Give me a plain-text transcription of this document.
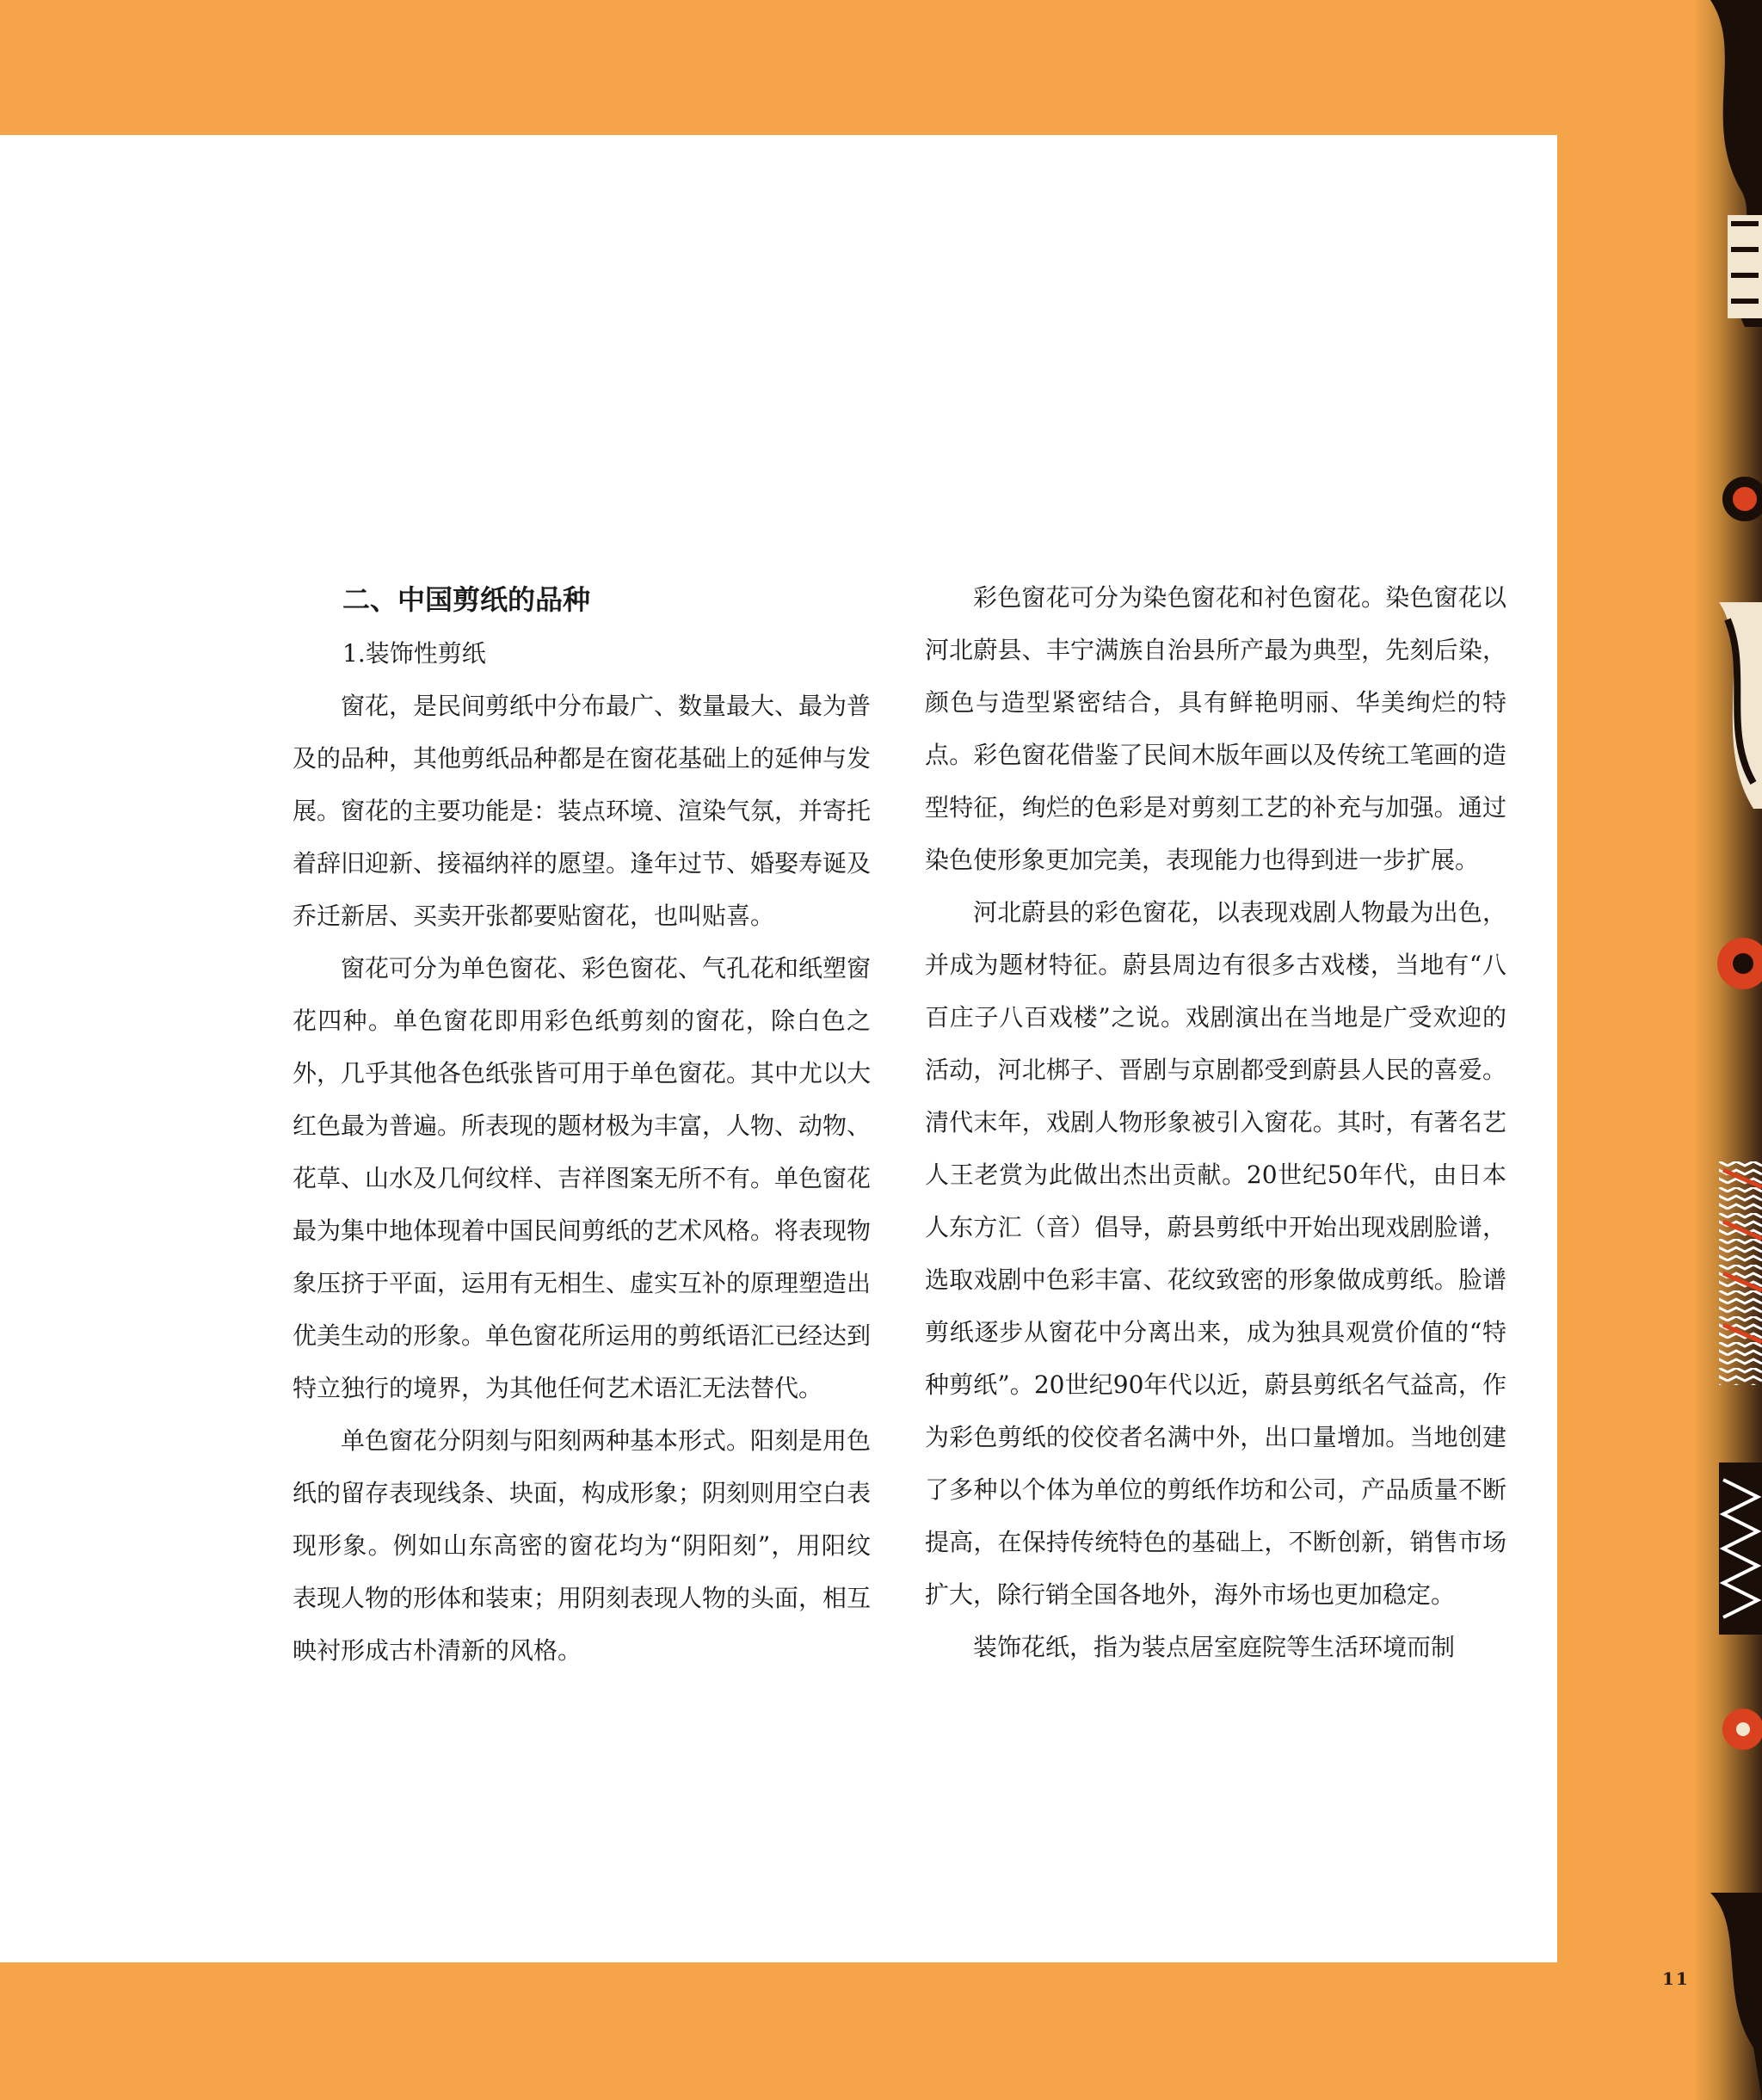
二、中国剪纸的品种
1.装饰性剪纸

窗花，是民间剪纸中分布最广、数量最大、最为普及的品种，其他剪纸品种都是在窗花基础上的延伸与发展。窗花的主要功能是：装点环境、渲染气氛，并寄托着辞旧迎新、接福纳祥的愿望。逢年过节、婚娶寿诞及乔迁新居、买卖开张都要贴窗花，也叫贴喜。

窗花可分为单色窗花、彩色窗花、气孔花和纸塑窗花四种。单色窗花即用彩色纸剪刻的窗花，除白色之外，几乎其他各色纸张皆可用于单色窗花。其中尤以大红色最为普遍。所表现的题材极为丰富，人物、动物、花草、山水及几何纹样、吉祥图案无所不有。单色窗花最为集中地体现着中国民间剪纸的艺术风格。将表现物象压挤于平面，运用有无相生、虚实互补的原理塑造出优美生动的形象。单色窗花所运用的剪纸语汇已经达到特立独行的境界，为其他任何艺术语汇无法替代。

单色窗花分阴刻与阳刻两种基本形式。阳刻是用色纸的留存表现线条、块面，构成形象；阴刻则用空白表现形象。例如山东高密的窗花均为“阴阳刻”，用阳纹表现人物的形体和装束；用阴刻表现人物的头面，相互映衬形成古朴清新的风格。

彩色窗花可分为染色窗花和衬色窗花。染色窗花以河北蔚县、丰宁满族自治县所产最为典型，先刻后染，颜色与造型紧密结合，具有鲜艳明丽、华美绚烂的特点。彩色窗花借鉴了民间木版年画以及传统工笔画的造型特征，绚烂的色彩是对剪刻工艺的补充与加强。通过染色使形象更加完美，表现能力也得到进一步扩展。

河北蔚县的彩色窗花，以表现戏剧人物最为出色，并成为题材特征。蔚县周边有很多古戏楼，当地有“八百庄子八百戏楼”之说。戏剧演出在当地是广受欢迎的活动，河北梆子、晋剧与京剧都受到蔚县人民的喜爱。清代末年，戏剧人物形象被引入窗花。其时，有著名艺人王老赏为此做出杰出贡献。20世纪50年代，由日本人东方汇（音）倡导，蔚县剪纸中开始出现戏剧脸谱，选取戏剧中色彩丰富、花纹致密的形象做成剪纸。脸谱剪纸逐步从窗花中分离出来，成为独具观赏价值的“特种剪纸”。20世纪90年代以近，蔚县剪纸名气益高，作为彩色剪纸的佼佼者名满中外，出口量增加。当地创建了多种以个体为单位的剪纸作坊和公司，产品质量不断提高，在保持传统特色的基础上，不断创新，销售市场扩大，除行销全国各地外，海外市场也更加稳定。

装饰花纸，指为装点居室庭院等生活环境而制

11
